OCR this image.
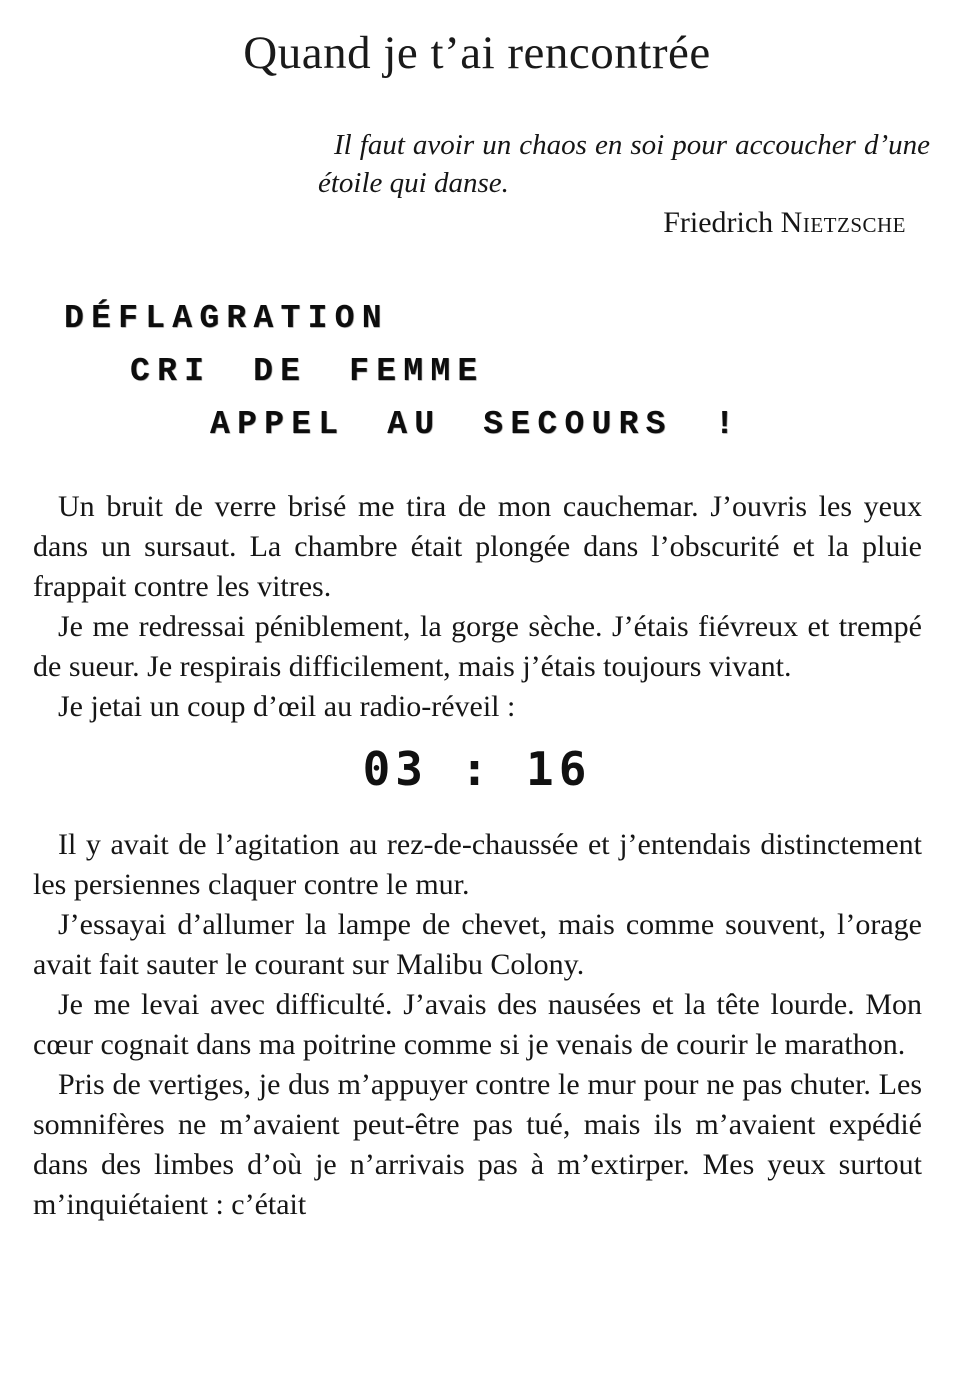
Quand je t’ai rencontrée

Il faut avoir un chaos en soi pour accoucher d’une étoile qui danse.

Friedrich Nietzsche

DÉFLAGRATION
CRI DE FEMME
APPEL AU SECOURS !

Un bruit de verre brisé me tira de mon cauchemar. J’ouvris les yeux dans un sursaut. La chambre était plongée dans l’obscurité et la pluie frappait contre les vitres.

Je me redressai péniblement, la gorge sèche. J’étais fiévreux et trempé de sueur. Je respirais difficilement, mais j’étais toujours vivant.

Je jetai un coup d’œil au radio-réveil :

03 : 16

Il y avait de l’agitation au rez-de-chaussée et j’entendais distinctement les persiennes claquer contre le mur.

J’essayai d’allumer la lampe de chevet, mais comme souvent, l’orage avait fait sauter le courant sur Malibu Colony.

Je me levai avec difficulté. J’avais des nausées et la tête lourde. Mon cœur cognait dans ma poitrine comme si je venais de courir le marathon.

Pris de vertiges, je dus m’appuyer contre le mur pour ne pas chuter. Les somnifères ne m’avaient peut-être pas tué, mais ils m’avaient expédié dans des limbes d’où je n’arrivais pas à m’extirper. Mes yeux surtout m’inquiétaient : c’était
